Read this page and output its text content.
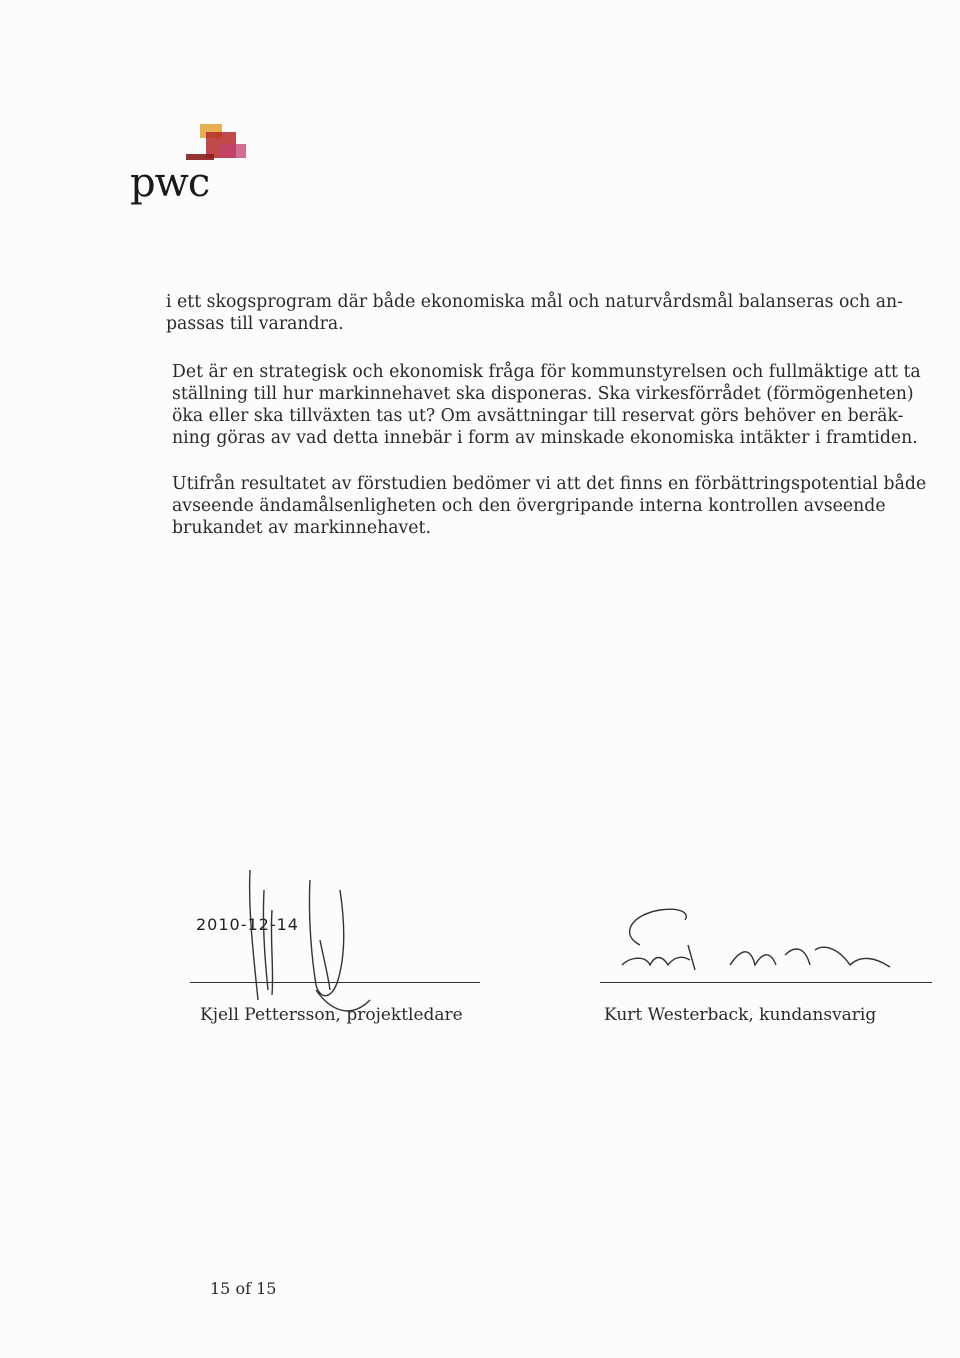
pwc

i ett skogsprogram där både ekonomiska mål och naturvårdsmål balanseras och an-
passas till varandra.

Det är en strategisk och ekonomisk fråga för kommunstyrelsen och fullmäktige att ta
ställning till hur markinnehavet ska disponeras. Ska virkesförrådet (förmögenheten)
öka eller ska tillväxten tas ut? Om avsättningar till reservat görs behöver en beräk-
ning göras av vad detta innebär i form av minskade ekonomiska intäkter i framtiden.

Utifrån resultatet av förstudien bedömer vi att det finns en förbättringspotential både
avseende ändamålsenligheten och den övergripande interna kontrollen avseende
brukandet av markinnehavet.

2010-12-14
Kjell Pettersson, projektledare	Kurt Westerback, kundansvarig
15 of 15
